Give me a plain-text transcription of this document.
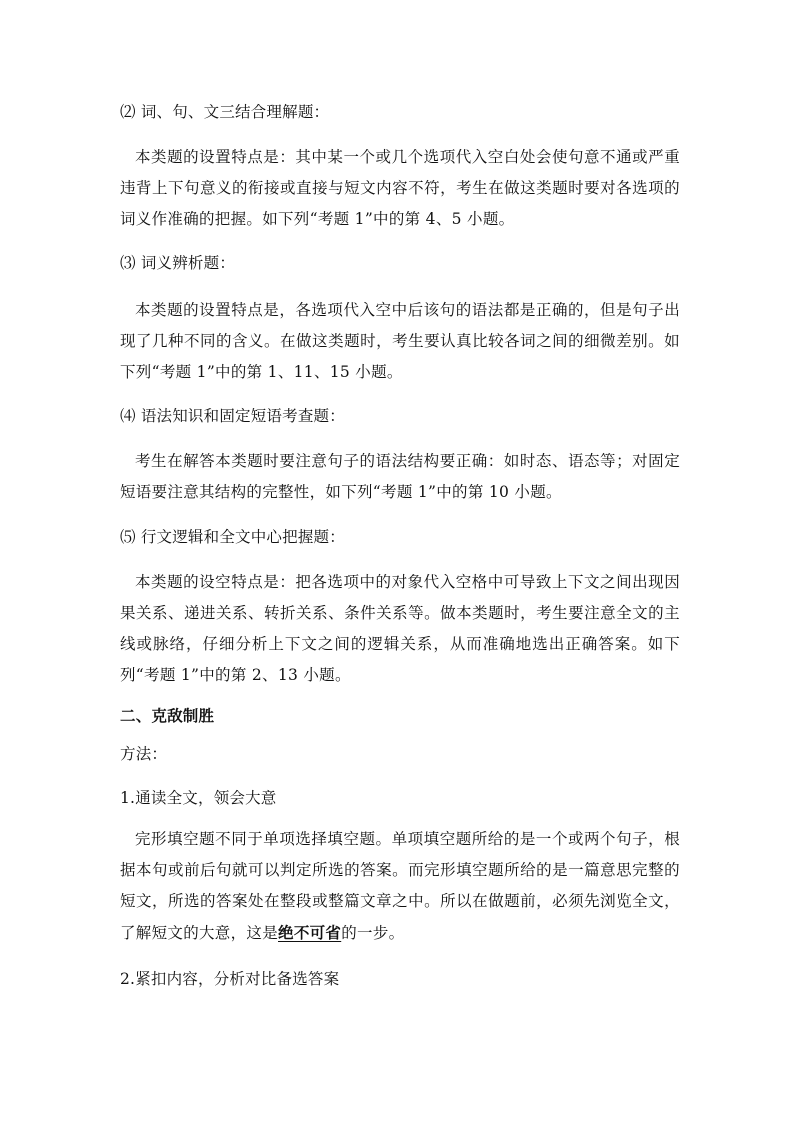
⑵ 词、句、文三结合理解题：
本类题的设置特点是：其中某一个或几个选项代入空白处会使句意不通或严重违背上下句意义的衔接或直接与短文内容不符，考生在做这类题时要对各选项的词义作准确的把握。如下列“考题 1”中的第 4、5 小题。
⑶ 词义辨析题：
本类题的设置特点是，各选项代入空中后该句的语法都是正确的，但是句子出现了几种不同的含义。在做这类题时，考生要认真比较各词之间的细微差别。如下列“考题 1”中的第 1、11、15 小题。
⑷ 语法知识和固定短语考查题：
考生在解答本类题时要注意句子的语法结构要正确：如时态、语态等；对固定短语要注意其结构的完整性，如下列“考题 1”中的第 10 小题。
⑸ 行文逻辑和全文中心把握题：
本类题的设空特点是：把各选项中的对象代入空格中可导致上下文之间出现因果关系、递进关系、转折关系、条件关系等。做本类题时，考生要注意全文的主线或脉络，仔细分析上下文之间的逻辑关系，从而准确地选出正确答案。如下列“考题 1”中的第 2、13 小题。
二、克敌制胜
方法：
1.通读全文，领会大意
完形填空题不同于单项选择填空题。单项填空题所给的是一个或两个句子，根据本句或前后句就可以判定所选的答案。而完形填空题所给的是一篇意思完整的短文，所选的答案处在整段或整篇文章之中。所以在做题前，必须先浏览全文，了解短文的大意，这是绝不可省的一步。
2.紧扣内容，分析对比备选答案
